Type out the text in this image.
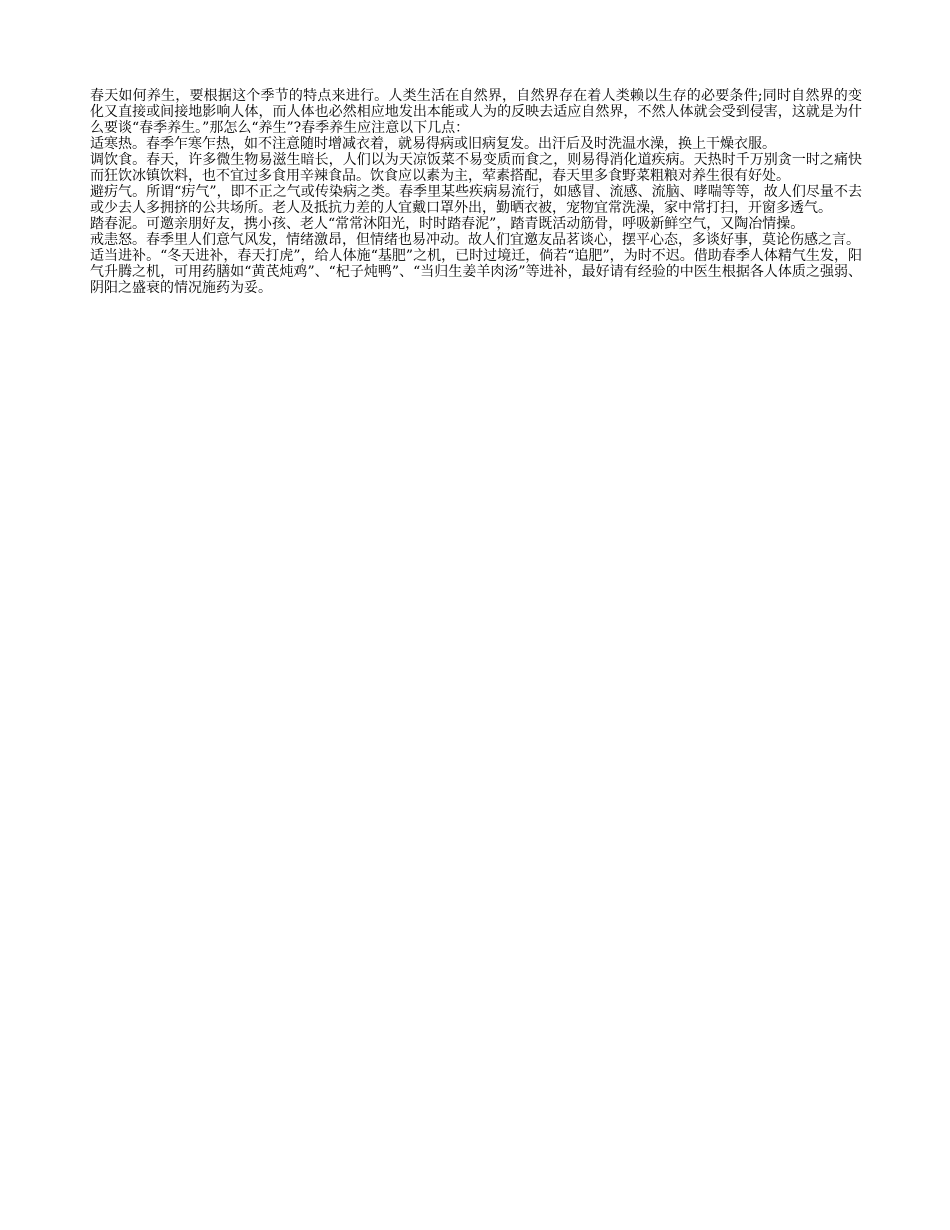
春天如何养生，要根据这个季节的特点来进行。人类生活在自然界，自然界存在着人类赖以生存的必要条件;同时自然界的变化又直接或间接地影响人体，而人体也必然相应地发出本能或人为的反映去适应自然界，不然人体就会受到侵害，这就是为什么要谈“春季养生。”那怎么“养生”?春季养生应注意以下几点：

适寒热。春季乍寒乍热，如不注意随时增减衣着，就易得病或旧病复发。出汗后及时洗温水澡，换上干燥衣服。

调饮食。春天，许多微生物易滋生暗长，人们以为天凉饭菜不易变质而食之，则易得消化道疾病。天热时千万别贪一时之痛快而狂饮冰镇饮料，也不宜过多食用辛辣食品。饮食应以素为主，荤素搭配，春天里多食野菜粗粮对养生很有好处。

避疠气。所谓“疠气”，即不正之气或传染病之类。春季里某些疾病易流行，如感冒、流感、流脑、哮喘等等，故人们尽量不去或少去人多拥挤的公共场所。老人及抵抗力差的人宜戴口罩外出，勤晒衣被，宠物宜常洗澡，家中常打扫，开窗多透气。

踏春泥。可邀亲朋好友，携小孩、老人“常常沐阳光，时时踏春泥”，踏青既活动筋骨，呼吸新鲜空气，又陶冶情操。

戒恚怒。春季里人们意气风发，情绪激昂，但情绪也易冲动。故人们宜邀友品茗谈心，摆平心态，多谈好事，莫论伤感之言。

适当进补。“冬天进补，春天打虎”，给人体施“基肥”之机，已时过境迁，倘若“追肥”，为时不迟。借助春季人体精气生发，阳气升腾之机，可用药膳如“黄芪炖鸡”、“杞子炖鸭”、“当归生姜羊肉汤”等进补，最好请有经验的中医生根据各人体质之强弱、阴阳之盛衰的情况施药为妥。
